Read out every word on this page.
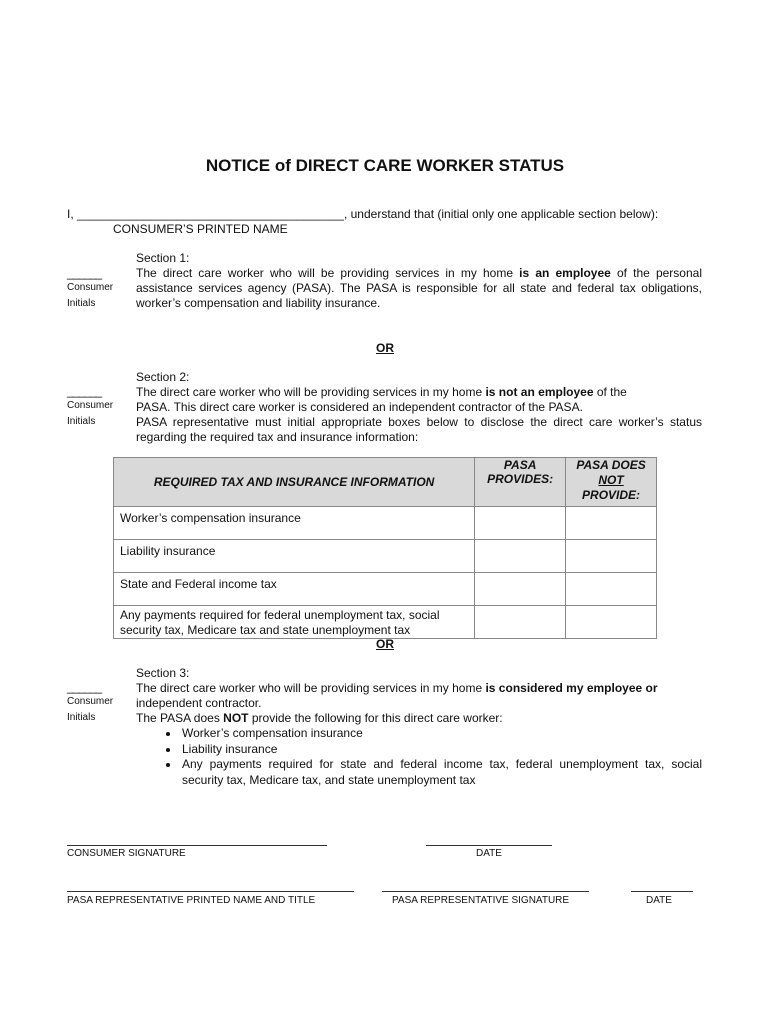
NOTICE of DIRECT CARE WORKER STATUS
I, ________________________________________, understand that (initial only one applicable section below):
CONSUMER’S PRINTED NAME
______
Consumer
Initials
Section 1:
The direct care worker who will be providing services in my home is an employee of the personal assistance services agency (PASA). The PASA is responsible for all state and federal tax obligations, worker’s compensation and liability insurance.
OR
______
Consumer
Initials
Section 2:
The direct care worker who will be providing services in my home is not an employee of the PASA. This direct care worker is considered an independent contractor of the PASA.
PASA representative must initial appropriate boxes below to disclose the direct care worker’s status regarding the required tax and insurance information:
REQUIRED TAX AND INSURANCE INFORMATION	PASA PROVIDES:	PASA DOES
NOT
PROVIDE:

Worker’s compensation insurance		
Liability insurance		
State and Federal income tax		
Any payments required for federal unemployment tax, social security tax, Medicare tax and state unemployment tax		
OR
______
Consumer
Initials
Section 3:
The direct care worker who will be providing services in my home is considered my employee or independent contractor.
The PASA does NOT provide the following for this direct care worker:
• Worker’s compensation insurance
• Liability insurance
• Any payments required for state and federal income tax, federal unemployment tax, social security tax, Medicare tax, and state unemployment tax
CONSUMER SIGNATURE	DATE
PASA REPRESENTATIVE PRINTED NAME AND TITLE	PASA REPRESENTATIVE SIGNATURE	DATE
